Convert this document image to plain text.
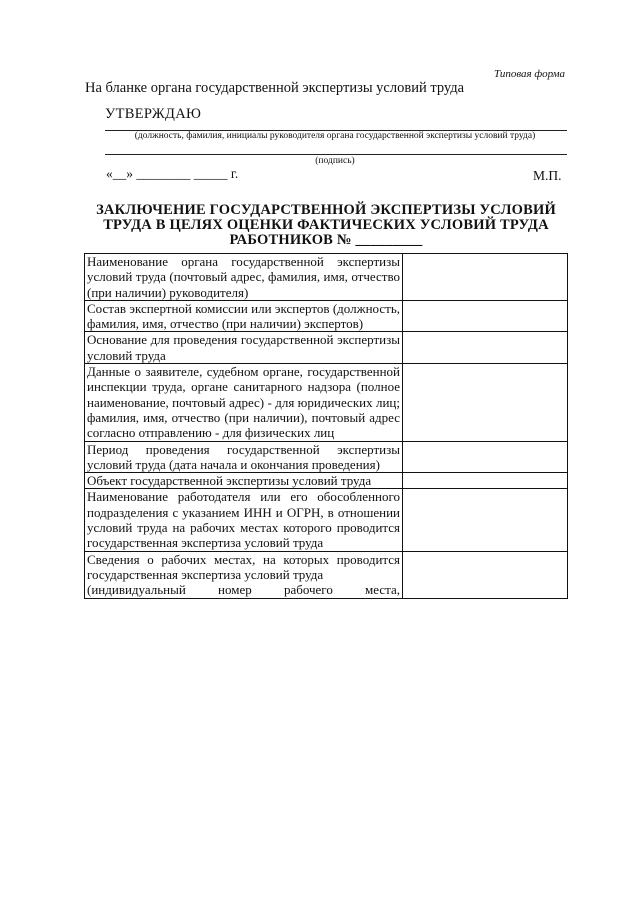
Типовая форма
На бланке органа государственной экспертизы условий труда
УТВЕРЖДАЮ
(должность, фамилия, инициалы руководителя органа государственной экспертизы условий труда)
(подпись)
«__» ________ _____ г.	М.П.
ЗАКЛЮЧЕНИЕ ГОСУДАРСТВЕННОЙ ЭКСПЕРТИЗЫ УСЛОВИЙ ТРУДА В ЦЕЛЯХ ОЦЕНКИ ФАКТИЧЕСКИХ УСЛОВИЙ ТРУДА РАБОТНИКОВ № _________
Наименование органа государственной экспертизы условий труда (почтовый адрес, фамилия, имя, отчество (при наличии) руководителя)	
Состав экспертной комиссии или экспертов (должность, фамилия, имя, отчество (при наличии) экспертов)	
Основание для проведения государственной экспертизы условий труда	
Данные о заявителе, судебном органе, государственной инспекции труда, органе санитарного надзора (полное наименование, почтовый адрес) - для юридических лиц; фамилия, имя, отчество (при наличии), почтовый адрес согласно отправлению - для физических лиц	
Период проведения государственной экспертизы условий труда (дата начала и окончания проведения)	
Объект государственной экспертизы условий труда	
Наименование работодателя или его обособленного подразделения с указанием ИНН и ОГРН, в отношении условий труда на рабочих местах которого проводится государственная экспертиза условий труда	
Сведения о рабочих местах, на которых проводится государственная экспертиза условий труда
(индивидуальный номер рабочего места,	
